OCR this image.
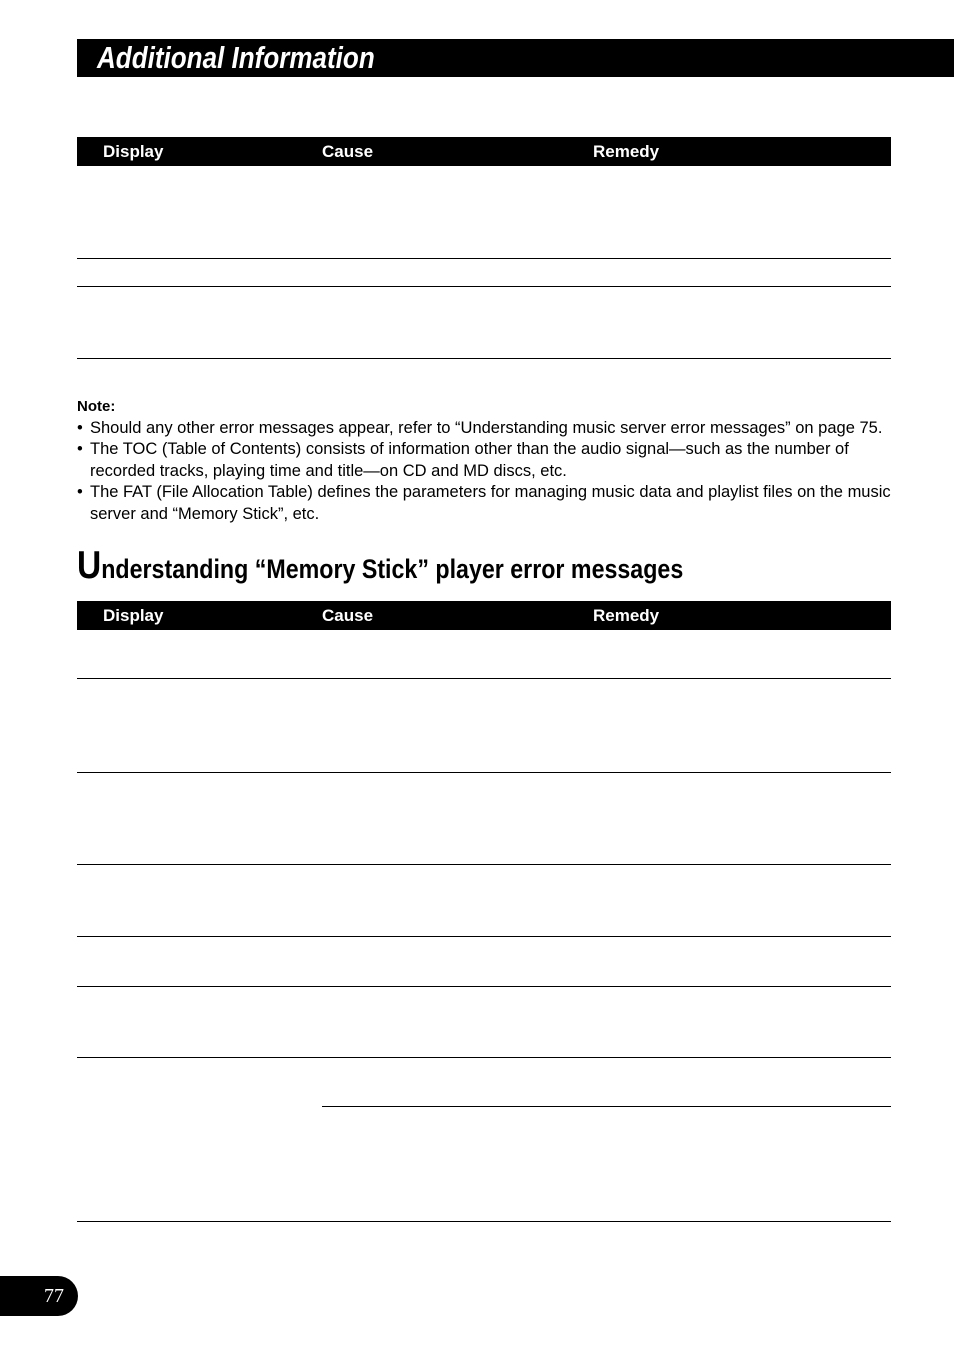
Additional Information
Display	Cause	Remedy
Note:
• Should any other error messages appear, refer to “Understanding music server error messages” on page 75.
• The TOC (Table of Contents) consists of information other than the audio signal—such as the number of recorded tracks, playing time and title—on CD and MD discs, etc.
• The FAT (File Allocation Table) defines the parameters for managing music data and playlist files on the music server and “Memory Stick”, etc.
Understanding “Memory Stick” player error messages
Display	Cause	Remedy
77
